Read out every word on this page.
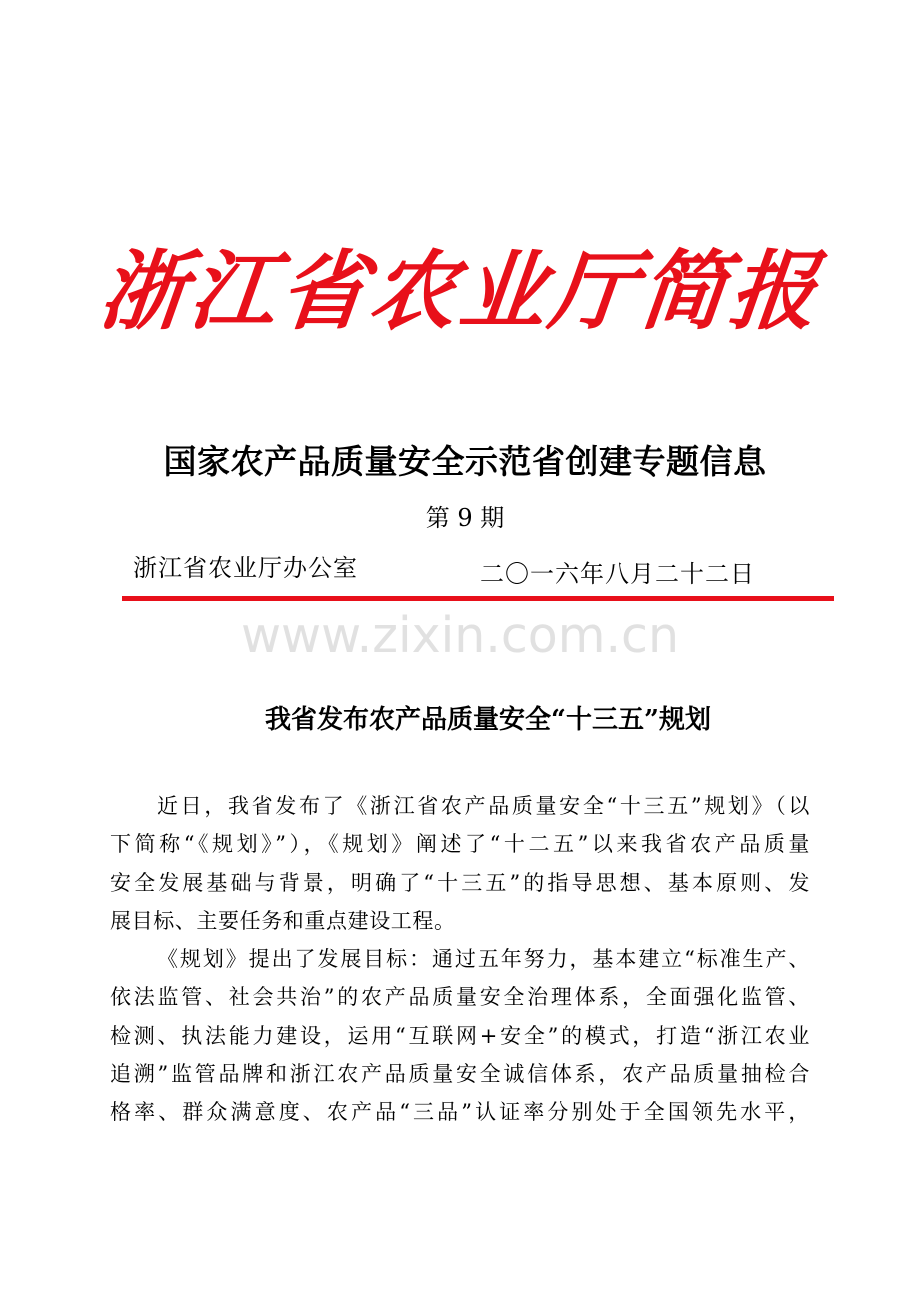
浙江省农业厅简报
国家农产品质量安全示范省创建专题信息
第 9 期
浙江省农业厅办公室	二〇一六年八月二十二日
www.zixin.com.cn
我省发布农产品质量安全“十三五”规划
近日，我省发布了《浙江省农产品质量安全“十三五”规划》（以
下简称“《规划》”），《规划》阐述了“十二五”以来我省农产品质量
安全发展基础与背景，明确了“十三五”的指导思想、基本原则、发
展目标、主要任务和重点建设工程。
《规划》提出了发展目标：通过五年努力，基本建立“标准生产、
依法监管、社会共治”的农产品质量安全治理体系，全面强化监管、
检测、执法能力建设，运用“互联网+安全”的模式，打造“浙江农业
追溯”监管品牌和浙江农产品质量安全诚信体系，农产品质量抽检合
格率、群众满意度、农产品“三品”认证率分别处于全国领先水平，
